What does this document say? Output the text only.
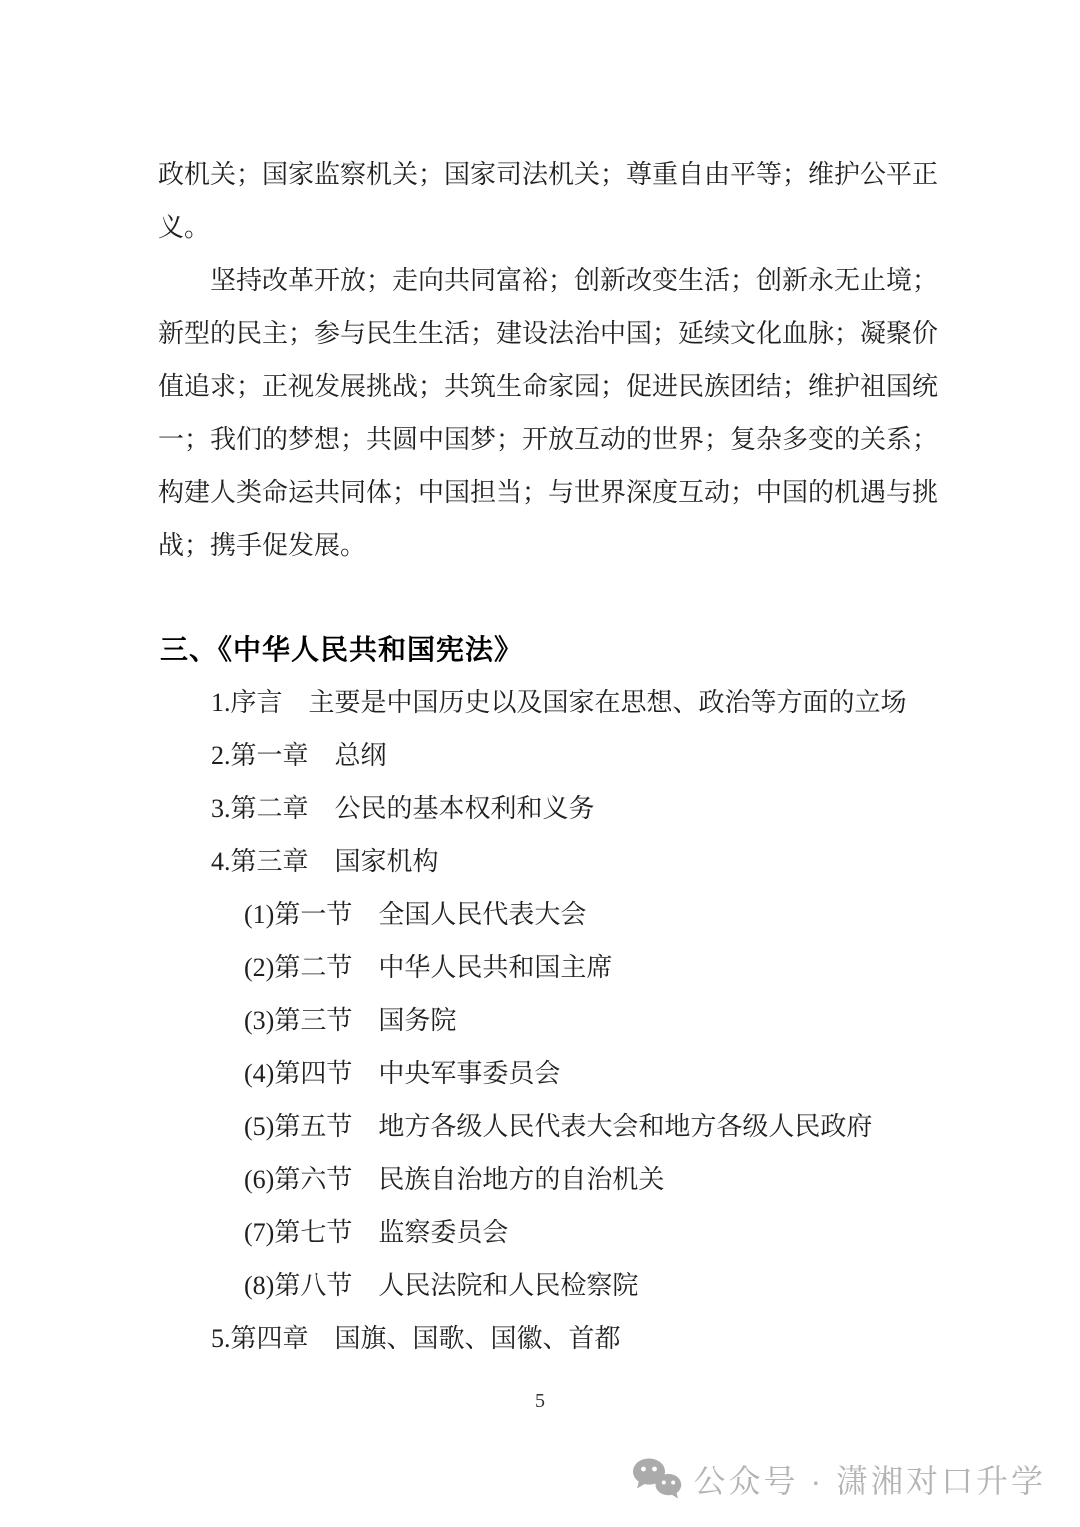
政机关；国家监察机关；国家司法机关；尊重自由平等；维护公平正义。

坚持改革开放；走向共同富裕；创新改变生活；创新永无止境；新型的民主；参与民生生活；建设法治中国；延续文化血脉；凝聚价值追求；正视发展挑战；共筑生命家园；促进民族团结；维护祖国统一；我们的梦想；共圆中国梦；开放互动的世界；复杂多变的关系；构建人类命运共同体；中国担当；与世界深度互动；中国的机遇与挑战；携手促发展。

三、《中华人民共和国宪法》
1.序言　主要是中国历史以及国家在思想、政治等方面的立场
2.第一章　总纲
3.第二章　公民的基本权利和义务
4.第三章　国家机构
(1)第一节　全国人民代表大会
(2)第二节　中华人民共和国主席
(3)第三节　国务院
(4)第四节　中央军事委员会
(5)第五节　地方各级人民代表大会和地方各级人民政府
(6)第六节　民族自治地方的自治机关
(7)第七节　监察委员会
(8)第八节　人民法院和人民检察院
5.第四章　国旗、国歌、国徽、首都
5
公众号 · 潇湘对口升学
